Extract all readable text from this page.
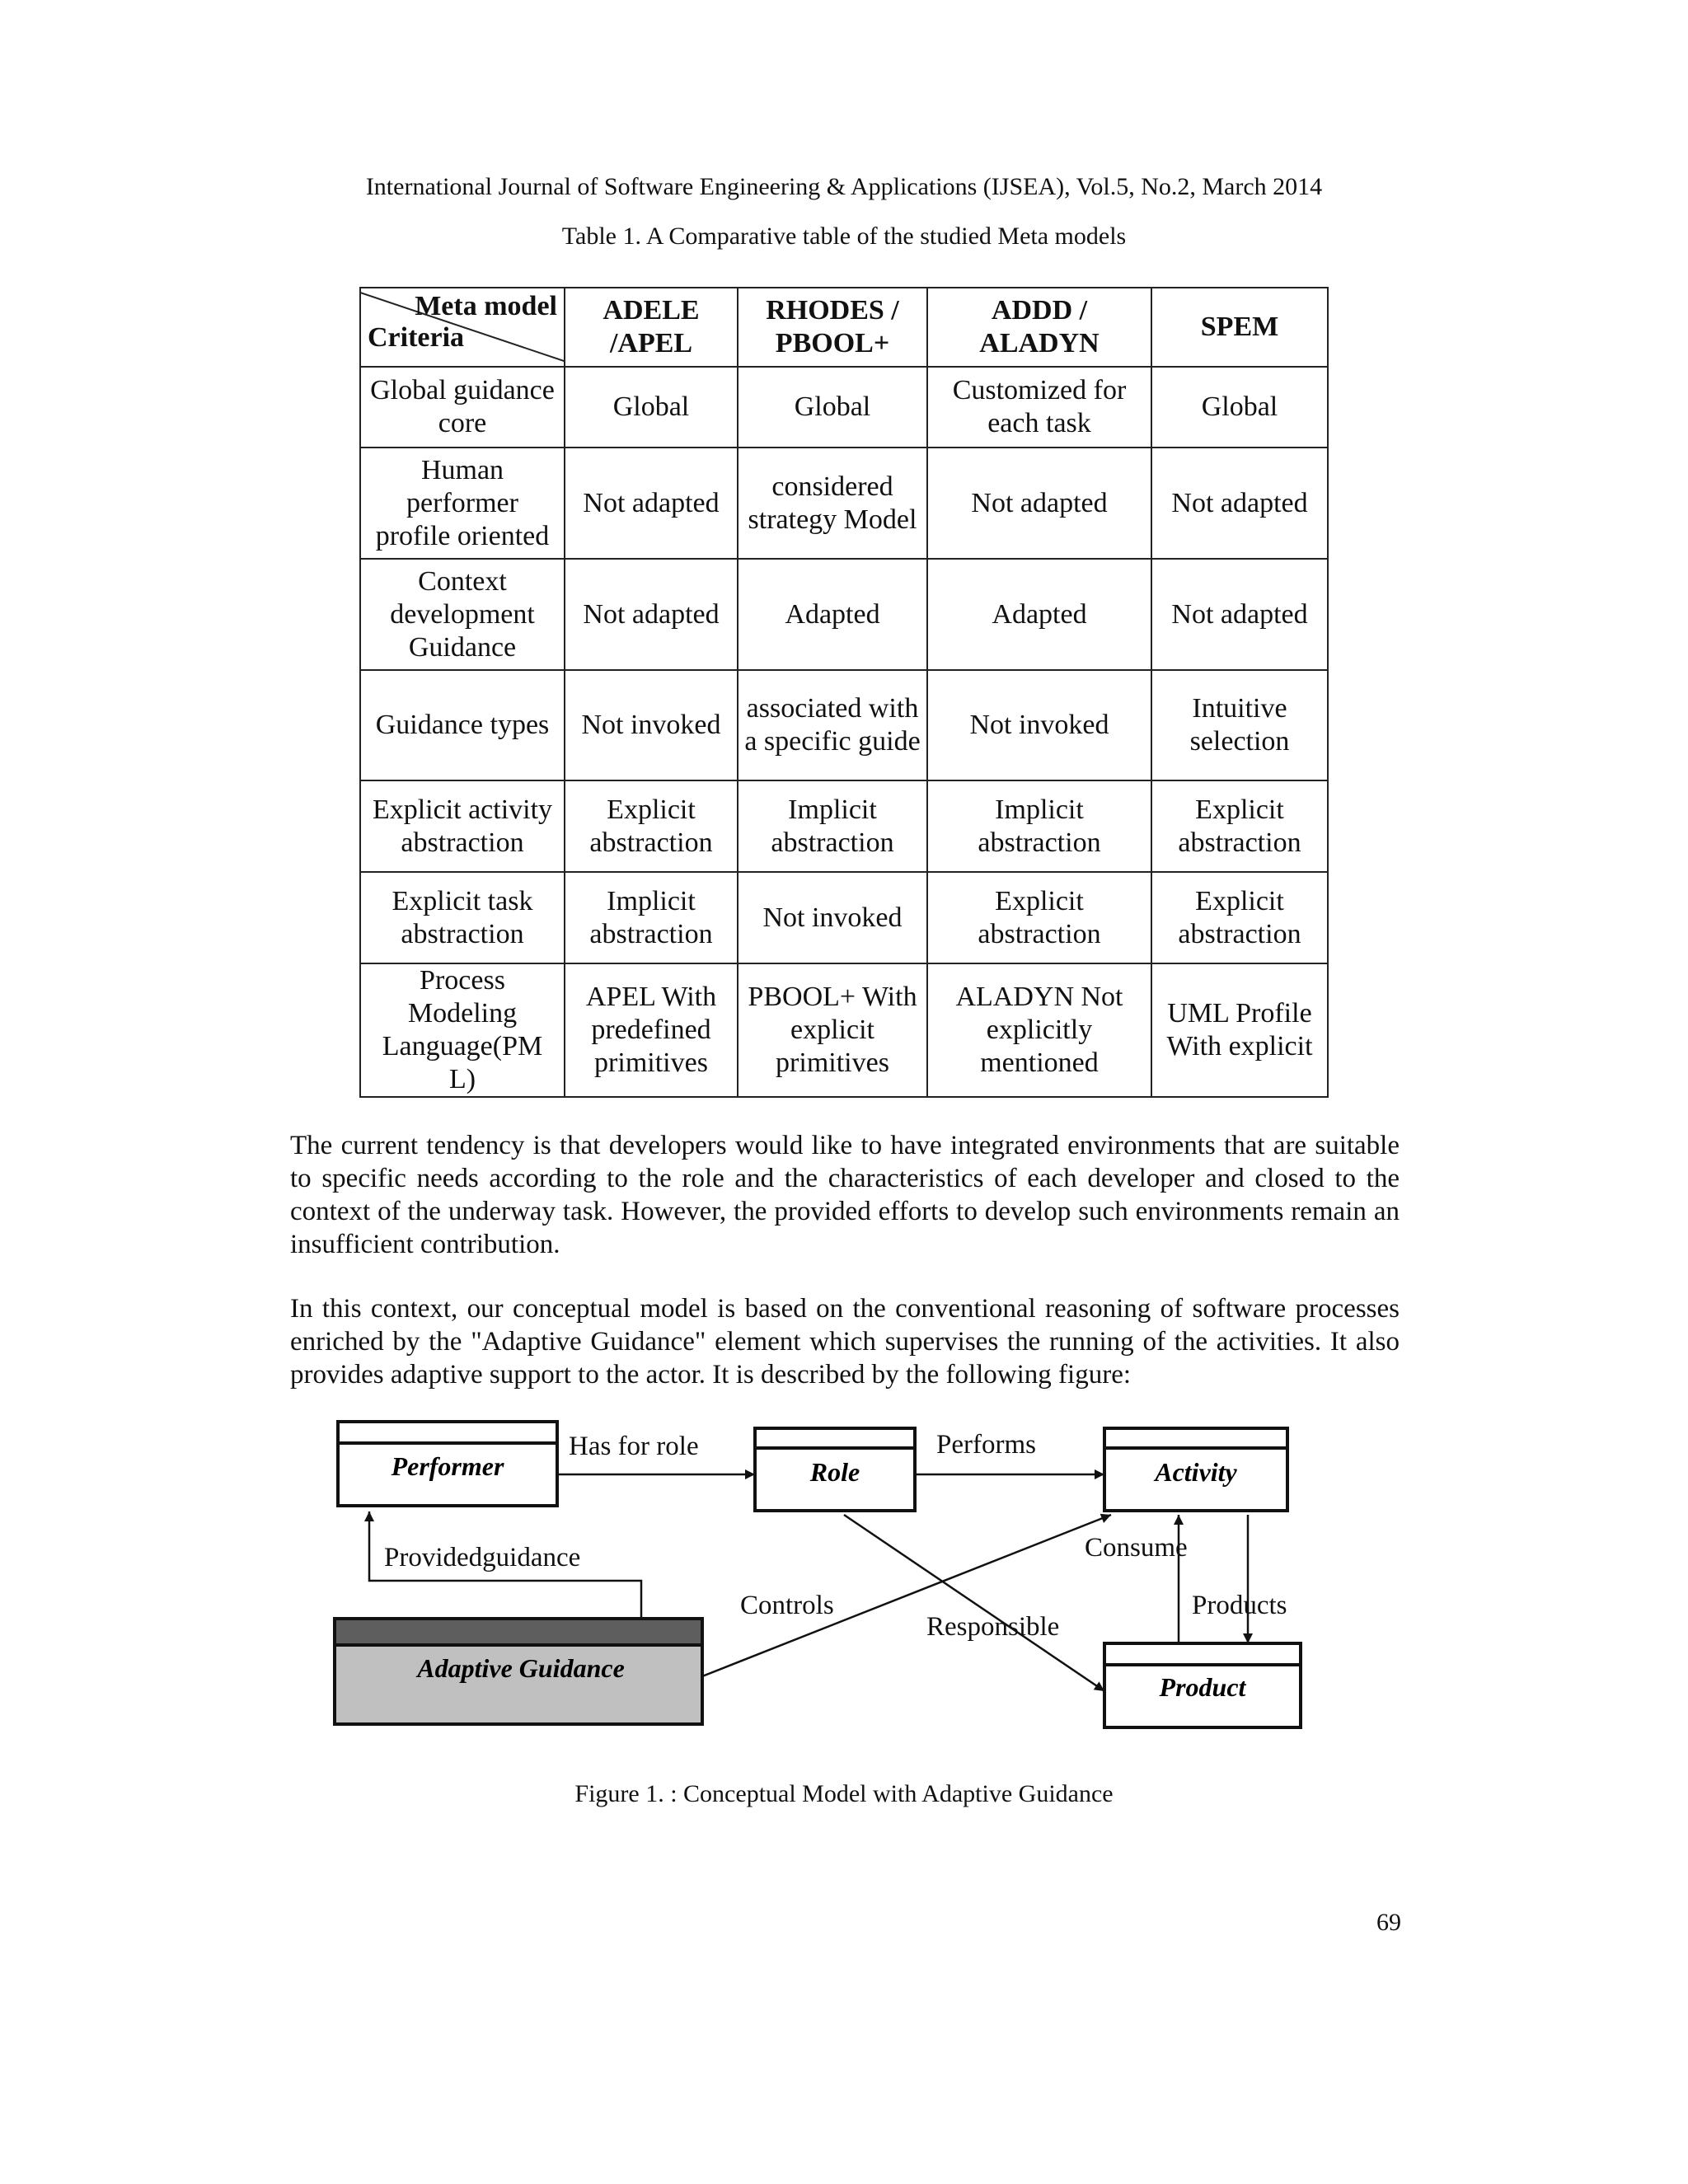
International Journal of Software Engineering & Applications (IJSEA), Vol.5, No.2, March 2014
Table 1. A Comparative table of the studied Meta models
Meta model
Criteria	ADELE /APEL	RHODES / PBOOL+	ADDD / ALADYN	SPEM
Global guidance core	Global	Global	Customized for each task	Global
Human performer profile oriented	Not adapted	considered strategy Model	Not adapted	Not adapted
Context development Guidance	Not adapted	Adapted	Adapted	Not adapted
Guidance types	Not invoked	associated with a specific guide	Not invoked	Intuitive selection
Explicit activity abstraction	Explicit abstraction	Implicit abstraction	Implicit abstraction	Explicit abstraction
Explicit task abstraction	Implicit abstraction	Not invoked	Explicit abstraction	Explicit abstraction
Process Modeling Language(PM L)	APEL With predefined primitives	PBOOL+ With explicit primitives	ALADYN Not explicitly mentioned	UML Profile With explicit
The current tendency is that developers would like to have integrated environments that are suitable to specific needs according to the role and the characteristics of each developer and closed to the context of the underway task. However, the provided efforts to develop such environments remain an insufficient contribution.
In this context, our conceptual model is based on the conventional reasoning of software processes enriched by the "Adaptive Guidance" element which supervises the running of the activities. It also provides adaptive support to the actor. It is described by the following figure:
Performer	Role	Activity
Adaptive Guidance
Product
Has for role	Performs
Providedguidance
Controls
Consume
Responsible
Products
Figure 1. : Conceptual Model with Adaptive Guidance
69
